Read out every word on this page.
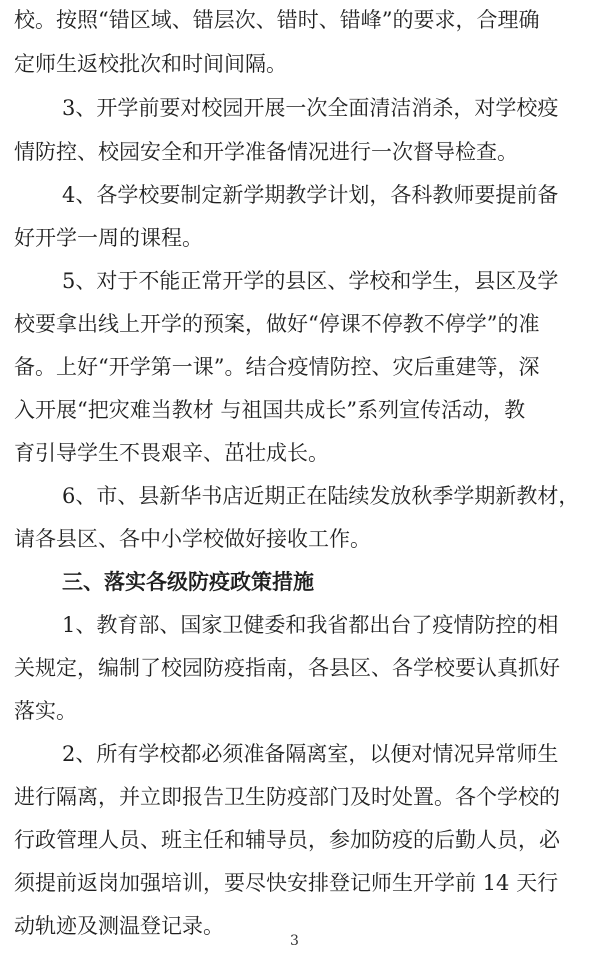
校。按照“错区域、错层次、错时、错峰”的要求，合理确
定师生返校批次和时间间隔。
3、开学前要对校园开展一次全面清洁消杀，对学校疫
情防控、校园安全和开学准备情况进行一次督导检查。
4、各学校要制定新学期教学计划，各科教师要提前备
好开学一周的课程。
5、对于不能正常开学的县区、学校和学生，县区及学
校要拿出线上开学的预案，做好“停课不停教不停学”的准
备。上好“开学第一课”。结合疫情防控、灾后重建等，深
入开展“把灾难当教材 与祖国共成长”系列宣传活动，教
育引导学生不畏艰辛、茁壮成长。
6、市、县新华书店近期正在陆续发放秋季学期新教材，
请各县区、各中小学校做好接收工作。
三、落实各级防疫政策措施
1、教育部、国家卫健委和我省都出台了疫情防控的相
关规定，编制了校园防疫指南，各县区、各学校要认真抓好
落实。
2、所有学校都必须准备隔离室，以便对情况异常师生
进行隔离，并立即报告卫生防疫部门及时处置。各个学校的
行政管理人员、班主任和辅导员，参加防疫的后勤人员，必
须提前返岗加强培训，要尽快安排登记师生开学前 14 天行
动轨迹及测温登记录。
3
